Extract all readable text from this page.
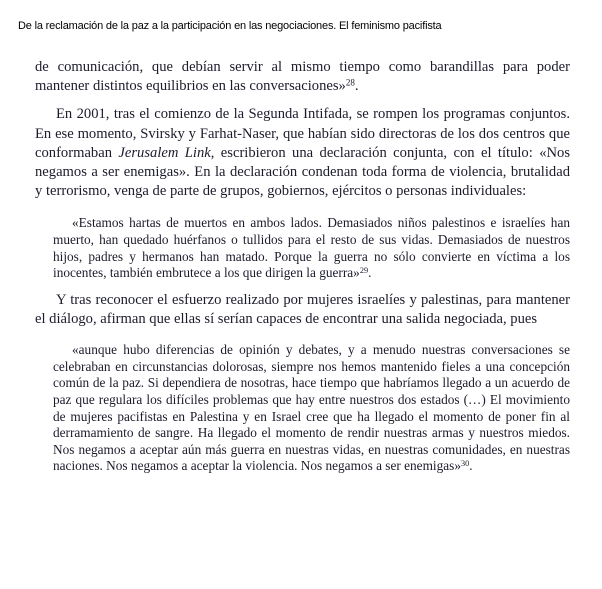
De la reclamación de la paz a la participación en las negociaciones. El feminismo pacifista

de comunicación, que debían servir al mismo tiempo como barandillas para poder mantener distintos equilibrios en las conversaciones»$^{28}$.

En 2001, tras el comienzo de la Segunda Intifada, se rompen los programas conjuntos. En ese momento, Svirsky y Farhat-Naser, que habían sido directoras de los dos centros que conformaban Jerusalem Link, escribieron una declaración conjunta, con el título: «Nos negamos a ser enemigas». En la declaración condenan toda forma de violencia, brutalidad y terrorismo, venga de parte de grupos, gobiernos, ejércitos o personas individuales:

«Estamos hartas de muertos en ambos lados. Demasiados niños palestinos e israelíes han muerto, han quedado huérfanos o tullidos para el resto de sus vidas. Demasiados de nuestros hijos, padres y hermanos han matado. Porque la guerra no sólo convierte en víctima a los inocentes, también embrutece a los que dirigen la guerra»$^{29}$.

Y tras reconocer el esfuerzo realizado por mujeres israelíes y palestinas, para mantener el diálogo, afirman que ellas sí serían capaces de encontrar una salida negociada, pues

«aunque hubo diferencias de opinión y debates, y a menudo nuestras conversaciones se celebraban en circunstancias dolorosas, siempre nos hemos mantenido fieles a una concepción común de la paz. Si dependiera de nosotras, hace tiempo que habríamos llegado a un acuerdo de paz que regulara los difíciles problemas que hay entre nuestros dos estados (…) El movimiento de mujeres pacifistas en Palestina y en Israel cree que ha llegado el momento de poner fin al derramamiento de sangre. Ha llegado el momento de rendir nuestras armas y nuestros miedos. Nos negamos a aceptar aún más guerra en nuestras vidas, en nuestras comunidades, en nuestras naciones. Nos negamos a aceptar la violencia. Nos negamos a ser enemigas»$^{30}$.
